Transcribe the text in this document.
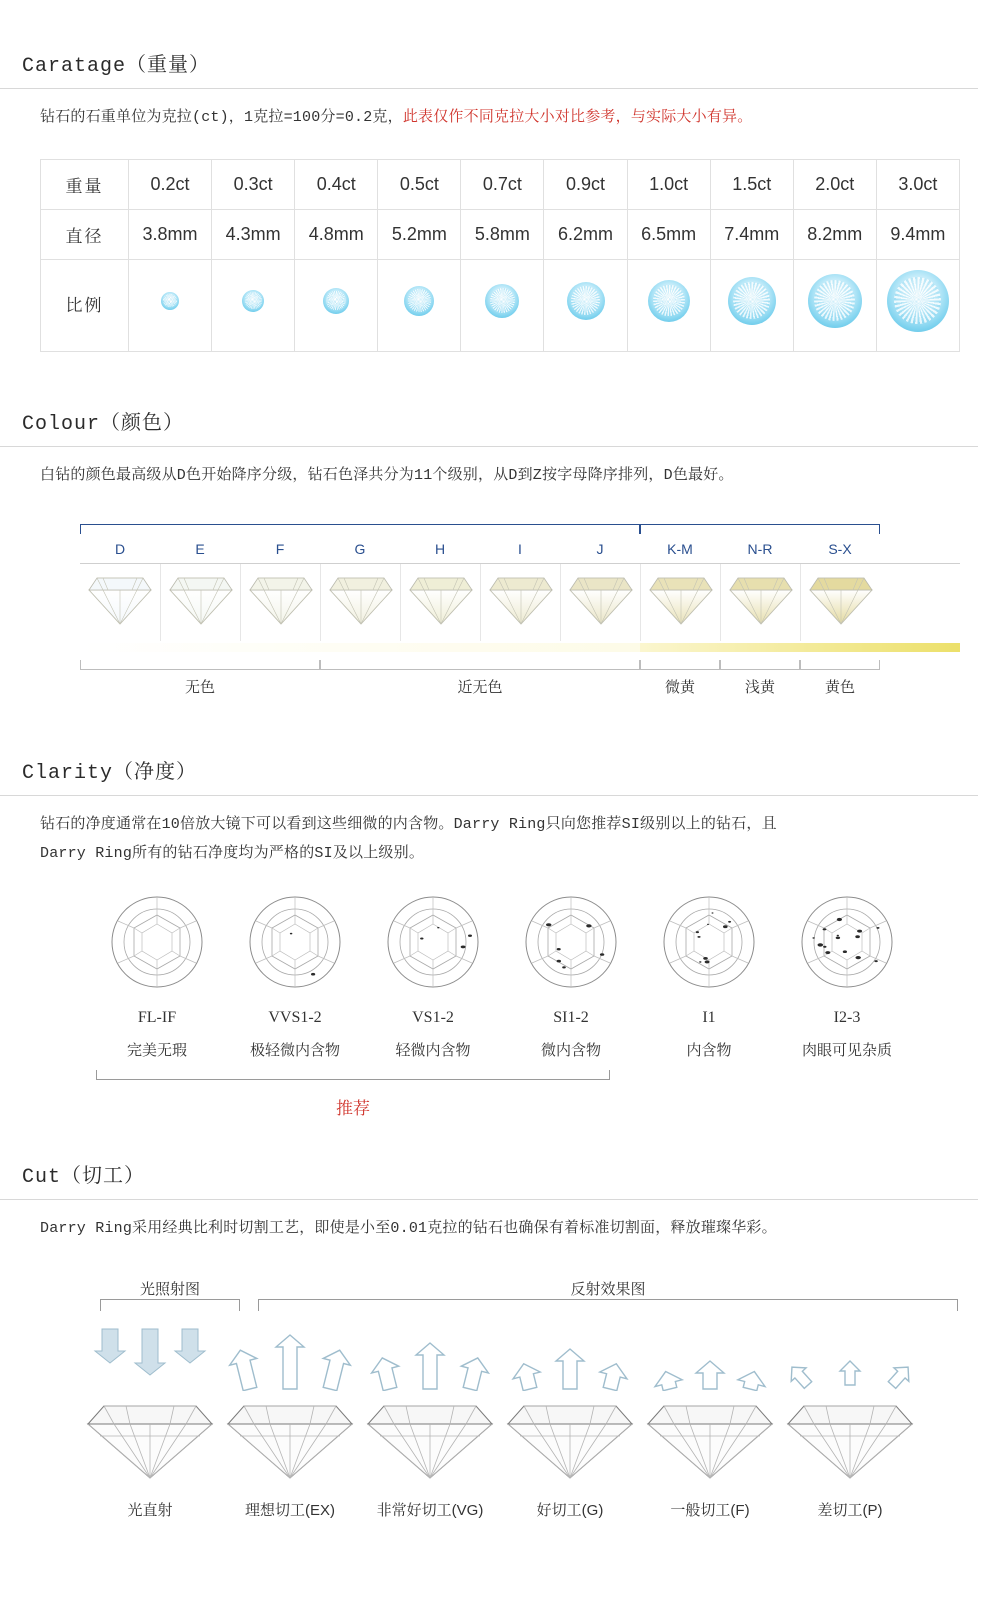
Caratage（重量）

钻石的石重单位为克拉(ct)，1克拉=100分=0.2克，此表仅作不同克拉大小对比参考，与实际大小有异。

重量	0.2ct	0.3ct	0.4ct	0.5ct	0.7ct	0.9ct	1.0ct	1.5ct	2.0ct	3.0ct
直径	3.8mm	4.3mm	4.8mm	5.2mm	5.8mm	6.2mm	6.5mm	7.4mm	8.2mm	9.4mm
比例										
Colour（颜色）

白钻的颜色最高级从D色开始降序分级，钻石色泽共分为11个级别，从D到Z按字母降序排列，D色最好。

D	E	F	G	H	I	J	K-M	N-R	S-X
无色	近无色	微黄	浅黄	黄色
Clarity（净度）

钻石的净度通常在10倍放大镜下可以看到这些细微的内含物。Darry Ring只向您推荐SI级别以上的钻石，且
Darry Ring所有的钻石净度均为严格的SI及以上级别。

FL-IF
完美无瑕
VVS1-2
极轻微内含物
VS1-2
轻微内含物
SI1-2
微内含物
I1
内含物
I2-3
肉眼可见杂质
推荐
Cut（切工）

Darry Ring采用经典比利时切割工艺，即使是小至0.01克拉的钻石也确保有着标准切割面，释放璀璨华彩。

光照射图	反射效果图
光直射	理想切工(EX)	非常好切工(VG)	好切工(G)	一般切工(F)	差切工(P)
